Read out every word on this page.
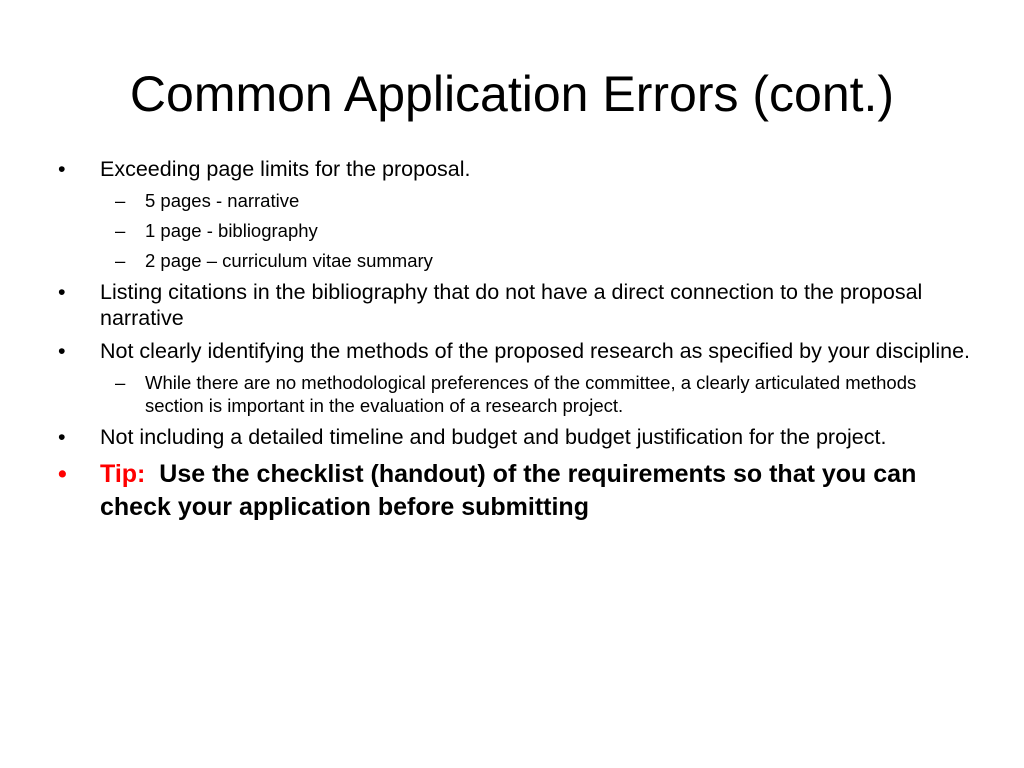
Common Application Errors (cont.)
•	Exceeding page limits for the proposal.
– 5 pages - narrative
– 1 page - bibliography
– 2 page – curriculum vitae summary
•	Listing citations in the bibliography that do not have a direct connection to the proposal narrative
•	Not clearly identifying the methods of the proposed research as specified by your discipline.
– While there are no methodological preferences of the committee, a clearly articulated methods section is important in the evaluation of a research project.
•	Not including a detailed timeline and budget and budget justification for the project.
•	Tip: Use the checklist (handout) of the requirements so that you can check your application before submitting
